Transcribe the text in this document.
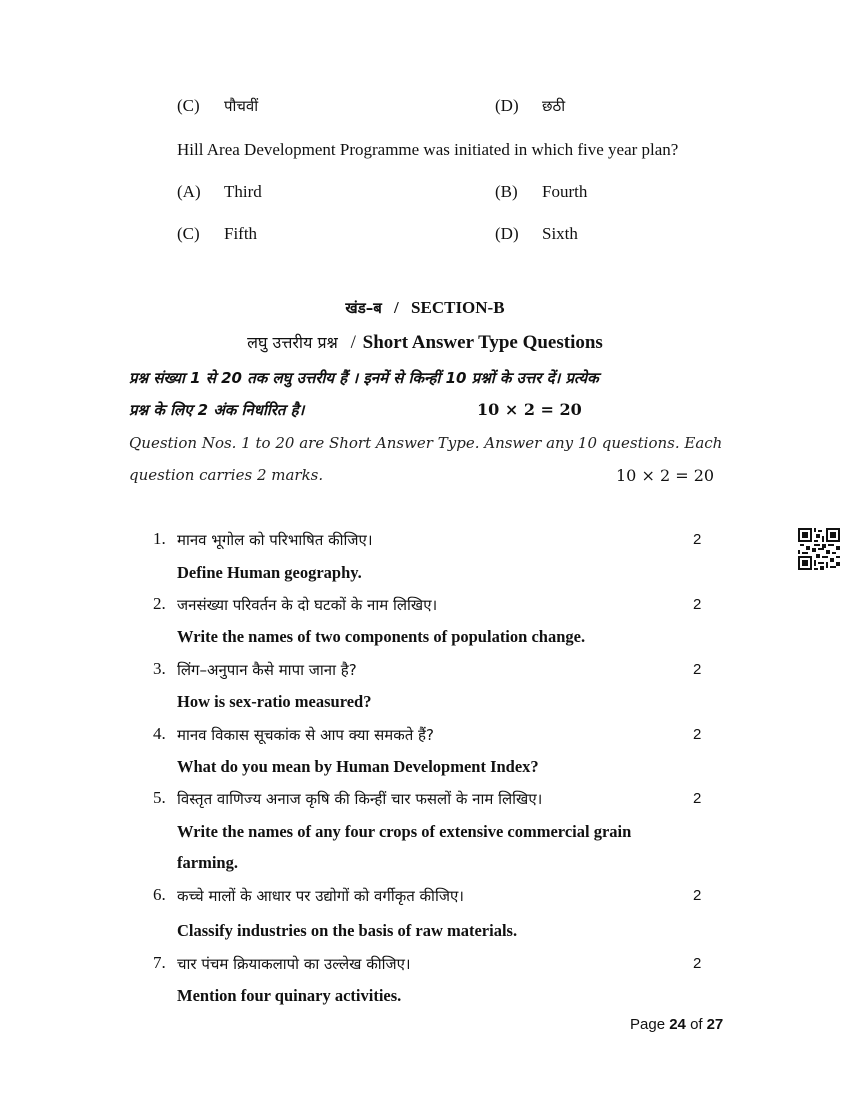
(C) पौचवीं	(D) छठी
Hill Area Development Programme was initiated in which five year plan?
(A) Third	(B) Fourth
(C) Fifth	(D) Sixth
खंड–ब / SECTION-B
लघु उत्तरीय प्रश्न / Short Answer Type Questions
प्रश्न संख्या 1 से 20 तक लघु उत्तरीय हैं । इनमें से किन्हीं 10 प्रश्नों के उत्तर दें। प्रत्येक
प्रश्न के लिए 2 अंक निर्धारित है।	10 × 2 = 20
Question Nos. 1 to 20 are Short Answer Type. Answer any 10 questions. Each
question carries 2 marks.	10 × 2 = 20
1. मानव भूगोल को परिभाषित कीजिए।	2
Define Human geography.
2. जनसंख्या परिवर्तन के दो घटकों के नाम लिखिए।	2
Write the names of two components of population change.
3. लिंग–अनुपान कैसे मापा जाना है?	2
How is sex-ratio measured?
4. मानव विकास सूचकांक से आप क्या समकते हैं?	2
What do you mean by Human Development Index?
5. विस्तृत वाणिज्य अनाज कृषि की किन्हीं चार फसलों के नाम लिखिए।	2
Write the names of any four crops of extensive commercial grain
farming.
6. कच्चे मालों के आधार पर उद्योगों को वर्गीकृत कीजिए।	2
Classify industries on the basis of raw materials.
7. चार पंचम क्रियाकलापो का उल्लेख कीजिए।	2
Mention four quinary activities.
Page 24 of 27
